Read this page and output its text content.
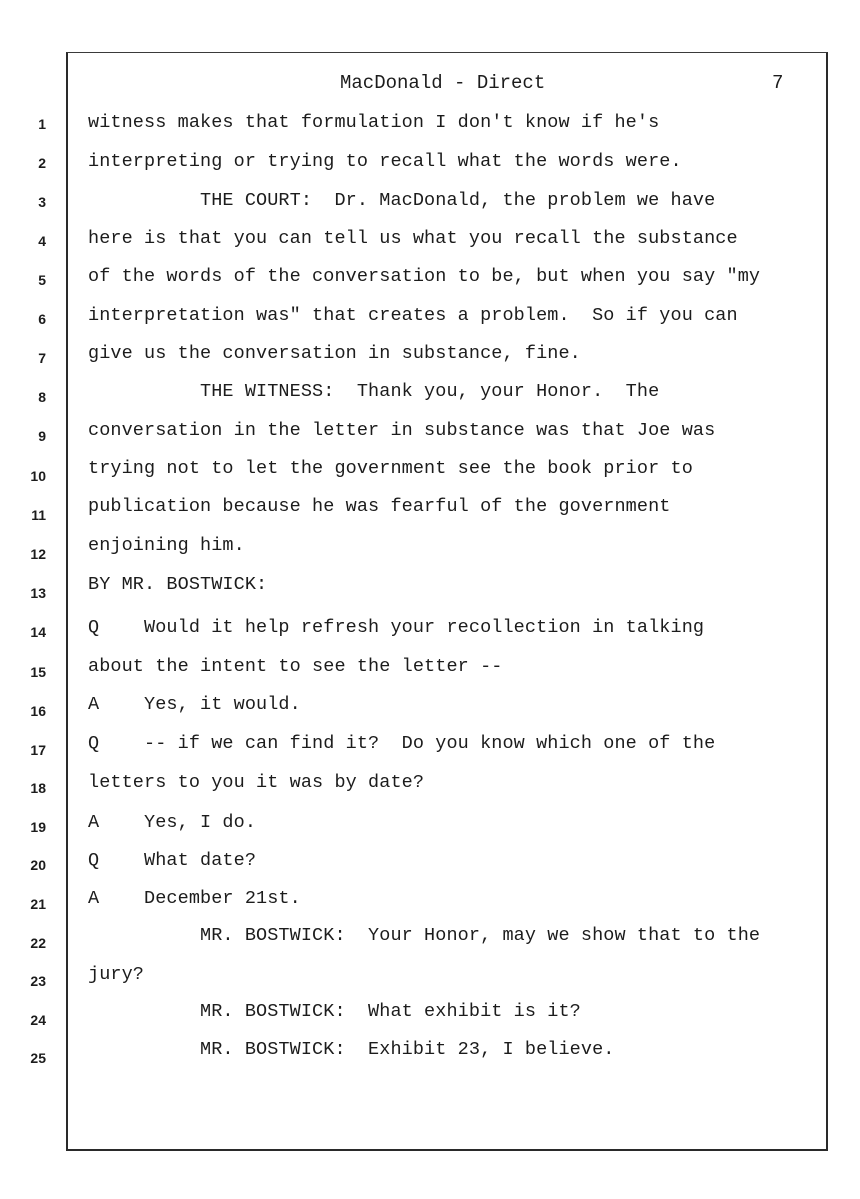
MacDonald - Direct	7
1 witness makes that formulation I don't know if he's
2 interpreting or trying to recall what the words were.
3 THE COURT:  Dr. MacDonald, the problem we have
4 here is that you can tell us what you recall the substance
5 of the words of the conversation to be, but when you say "my
6 interpretation was" that creates a problem.  So if you can
7 give us the conversation in substance, fine.
8 THE WITNESS:  Thank you, your Honor.  The
9 conversation in the letter in substance was that Joe was
10 trying not to let the government see the book prior to
11 publication because he was fearful of the government
12 enjoining him.
13 BY MR. BOSTWICK:
14 Q    Would it help refresh your recollection in talking
15 about the intent to see the letter --
16 A    Yes, it would.
17 Q    -- if we can find it?  Do you know which one of the
18 letters to you it was by date?
19 A    Yes, I do.
20 Q    What date?
21 A    December 21st.
22 MR. BOSTWICK:  Your Honor, may we show that to the
23 jury?
24 MR. BOSTWICK:  What exhibit is it?
25 MR. BOSTWICK:  Exhibit 23, I believe.
